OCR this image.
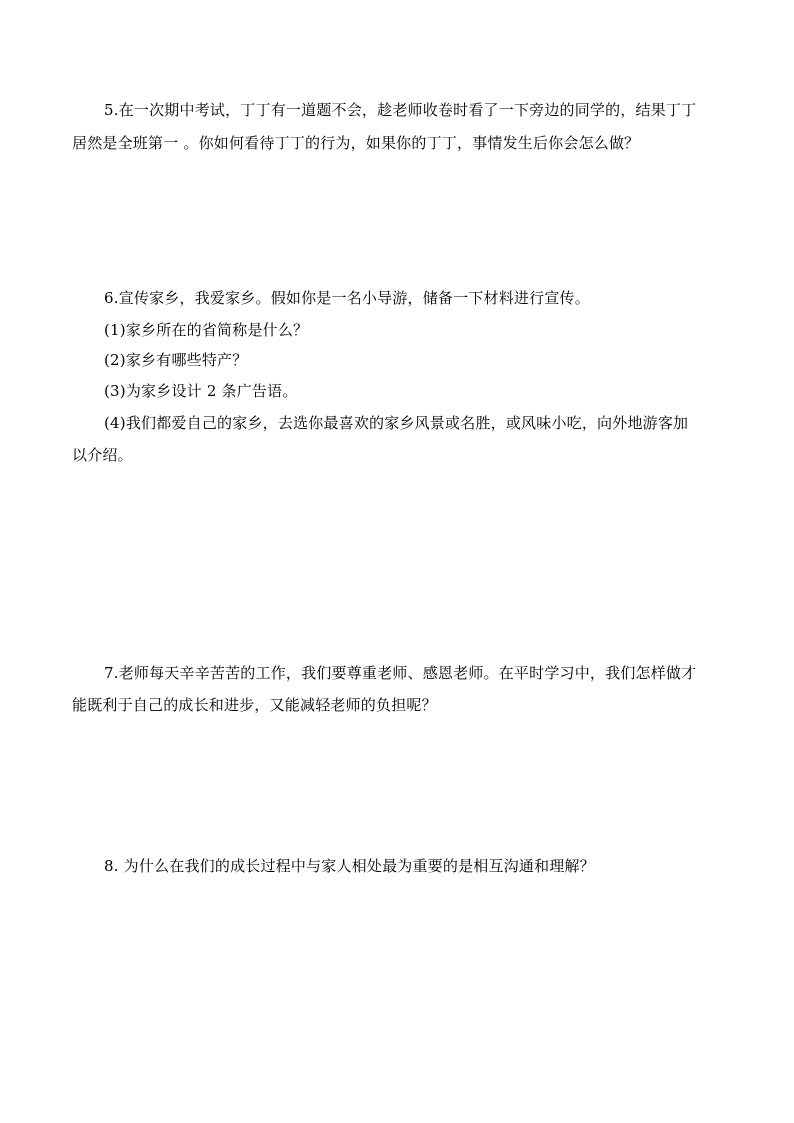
5.在一次期中考试，丁丁有一道题不会，趁老师收卷时看了一下旁边的同学的，结果丁丁
居然是全班第一 。你如何看待丁丁的行为，如果你的丁丁，事情发生后你会怎么做？
6.宣传家乡，我爱家乡。假如你是一名小导游，储备一下材料进行宣传。
(1)家乡所在的省简称是什么？
(2)家乡有哪些特产？
(3)为家乡设计 2 条广告语。
(4)我们都爱自己的家乡，去选你最喜欢的家乡风景或名胜，或风味小吃，向外地游客加
以介绍。
7.老师每天辛辛苦苦的工作，我们要尊重老师、感恩老师。在平时学习中，我们怎样做才
能既利于自己的成长和进步，又能减轻老师的负担呢？
8. 为什么在我们的成长过程中与家人相处最为重要的是相互沟通和理解？
